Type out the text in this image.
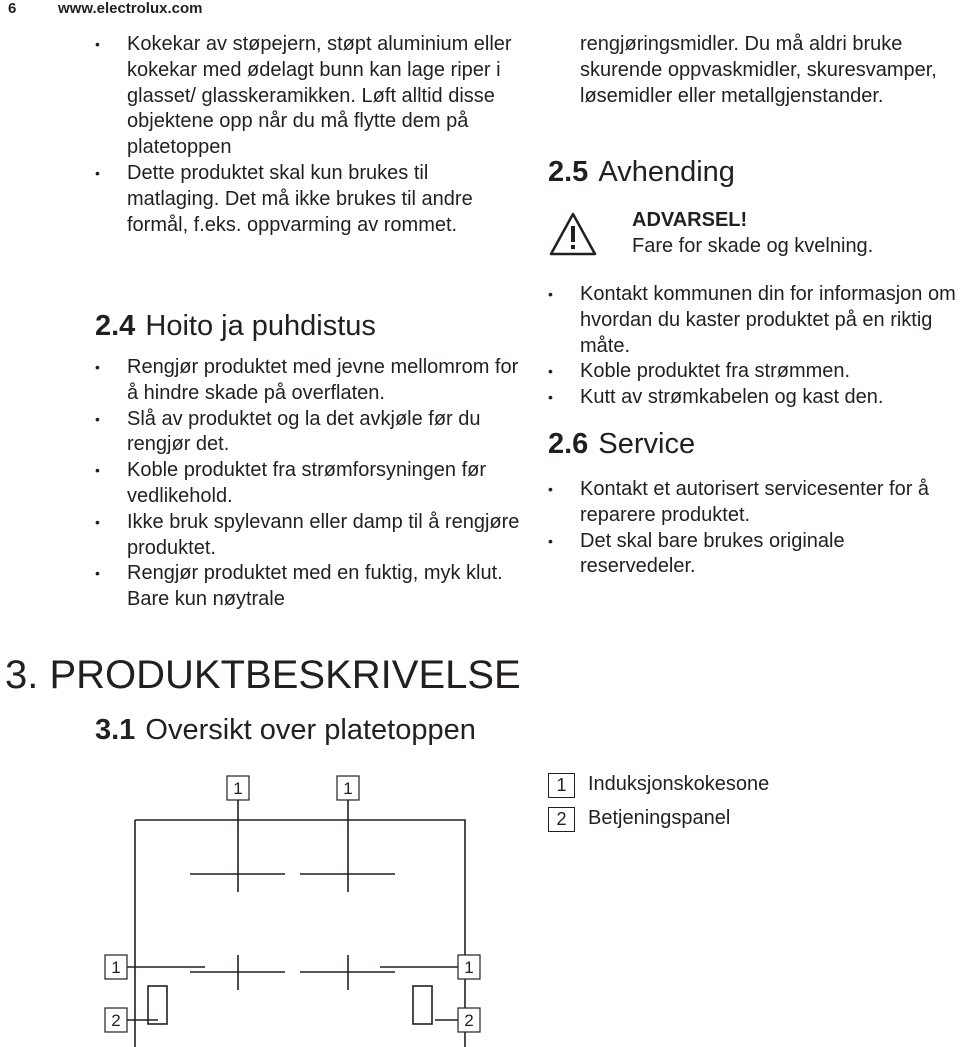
6	www.electrolux.com
• Kokekar av støpejern, støpt aluminium eller kokekar med ødelagt bunn kan lage riper i glasset/ glasskeramikken. Løft alltid disse objektene opp når du må flytte dem på platetoppen
• Dette produktet skal kun brukes til matlaging. Det må ikke brukes til andre formål, f.eks. oppvarming av rommet.
2.4 Hoito ja puhdistus
• Rengjør produktet med jevne mellomrom for å hindre skade på overflaten.
• Slå av produktet og la det avkjøle før du rengjør det.
• Koble produktet fra strømforsyningen før vedlikehold.
• Ikke bruk spylevann eller damp til å rengjøre produktet.
• Rengjør produktet med en fuktig, myk klut. Bare kun nøytrale

rengjøringsmidler. Du må aldri bruke skurende oppvaskmidler, skuresvamper, løsemidler eller metallgjenstander.

2.5 Avhending
ADVARSEL!
Fare for skade og kvelning.
• Kontakt kommunen din for informasjon om hvordan du kaster produktet på en riktig måte.
• Koble produktet fra strømmen.
• Kutt av strømkabelen og kast den.
2.6 Service
• Kontakt et autorisert servicesenter for å reparere produktet.
• Det skal bare brukes originale reservedeler.
3. PRODUKTBESKRIVELSE
3.1 Oversikt over platetoppen
1	1
1	1
2	2
1	Induksjonskokesone
2	Betjeningspanel
